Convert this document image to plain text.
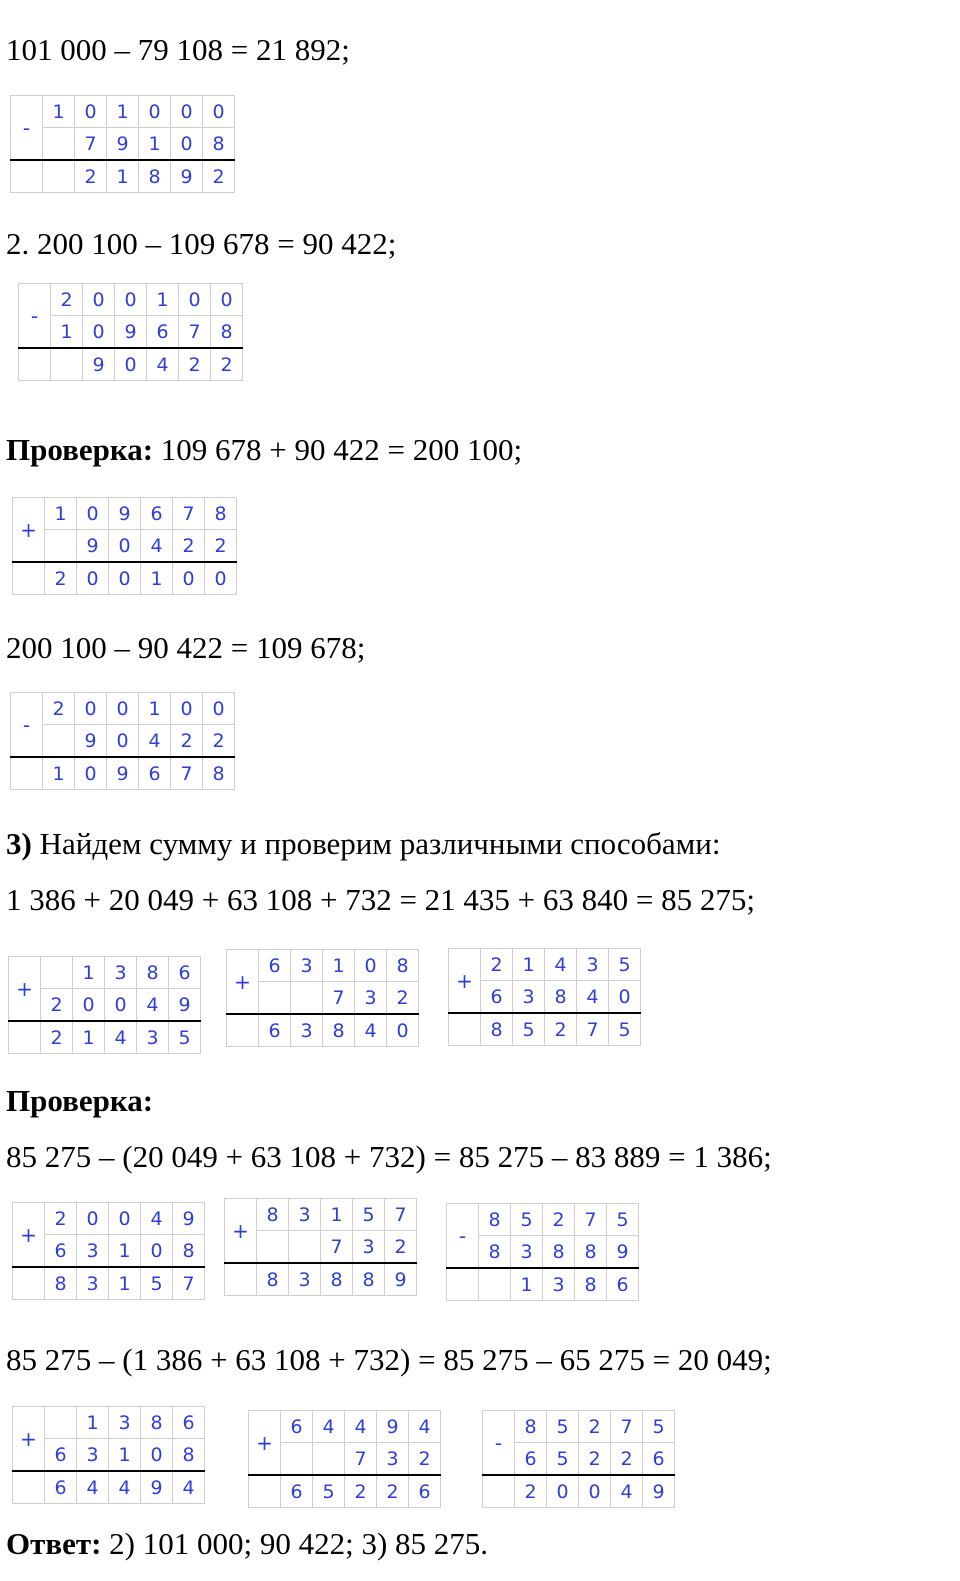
101 000 – 79 108 = 21 892;
2. 200 100 – 109 678 = 90 422;
Проверка: 109 678 + 90 422 = 200 100;
200 100 – 90 422 = 109 678;
3) Найдем сумму и проверим различными способами:
1 386 + 20 049 + 63 108 + 732 = 21 435 + 63 840 = 85 275;
Проверка:
85 275 – (20 049 + 63 108 + 732) = 85 275 – 83 889 = 1 386;
85 275 – (1 386 + 63 108 + 732) = 85 275 – 65 275 = 20 049;
Ответ: 2) 101 000; 90 422; 3) 85 275.
-	1	0	1	0	0	0
		7	9	1	0	8
		2	1	8	9	2
-	2	0	0	1	0	0
	1	0	9	6	7	8
		9	0	4	2	2
+	1	0	9	6	7	8
		9	0	4	2	2
	2	0	0	1	0	0
-	2	0	0	1	0	0
		9	0	4	2	2
	1	0	9	6	7	8
+		1	3	8	6
	2	0	0	4	9
	2	1	4	3	5
+	6	3	1	0	8
			7	3	2
	6	3	8	4	0
+	2	1	4	3	5
	6	3	8	4	0
	8	5	2	7	5
+	2	0	0	4	9
	6	3	1	0	8
	8	3	1	5	7
+	8	3	1	5	7
			7	3	2
	8	3	8	8	9
-	8	5	2	7	5
	8	3	8	8	9
		1	3	8	6
+		1	3	8	6
	6	3	1	0	8
	6	4	4	9	4
+	6	4	4	9	4
			7	3	2
	6	5	2	2	6
-	8	5	2	7	5
	6	5	2	2	6
	2	0	0	4	9
